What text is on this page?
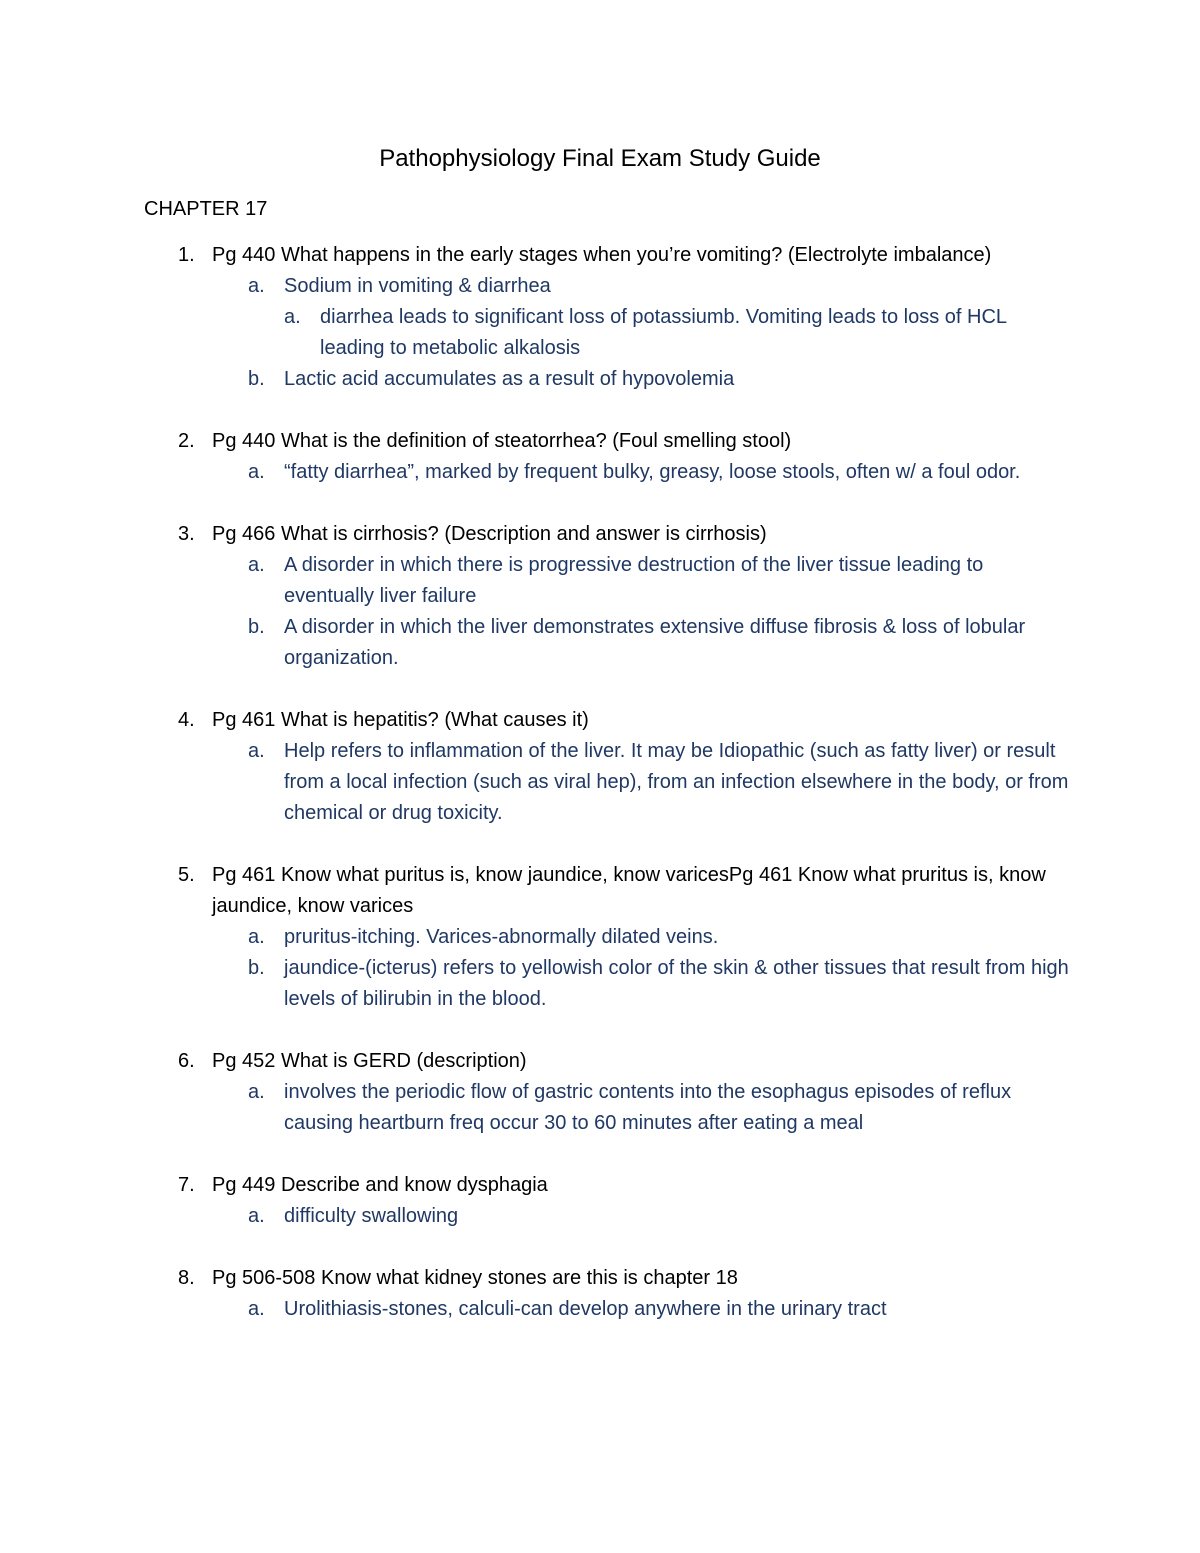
Pathophysiology Final Exam Study Guide
CHAPTER 17
1. Pg 440 What happens in the early stages when you’re vomiting? (Electrolyte imbalance)
a. Sodium in vomiting & diarrhea
a. diarrhea leads to significant loss of potassiumb. Vomiting leads to loss of HCL leading to metabolic alkalosis
b. Lactic acid accumulates as a result of hypovolemia
2. Pg 440 What is the definition of steatorrhea? (Foul smelling stool)
a. “fatty diarrhea”, marked by frequent bulky, greasy, loose stools, often w/ a foul odor.
3. Pg 466 What is cirrhosis? (Description and answer is cirrhosis)
a. A disorder in which there is progressive destruction of the liver tissue leading to eventually liver failure
b. A disorder in which the liver demonstrates extensive diffuse fibrosis & loss of lobular organization.
4. Pg 461 What is hepatitis? (What causes it)
a. Help refers to inflammation of the liver. It may be Idiopathic (such as fatty liver) or result from a local infection (such as viral hep), from an infection elsewhere in the body, or from chemical or drug toxicity.
5. Pg 461 Know what puritus is, know jaundice, know varicesPg 461 Know what pruritus is, know jaundice, know varices
a. pruritus-itching. Varices-abnormally dilated veins.
b. jaundice-(icterus) refers to yellowish color of the skin & other tissues that result from high levels of bilirubin in the blood.
6. Pg 452 What is GERD (description)
a. involves the periodic flow of gastric contents into the esophagus episodes of reflux causing heartburn freq occur 30 to 60 minutes after eating a meal
7. Pg 449 Describe and know dysphagia
a. difficulty swallowing
8. Pg 506-508 Know what kidney stones are this is chapter 18
a. Urolithiasis-stones, calculi-can develop anywhere in the urinary tract
